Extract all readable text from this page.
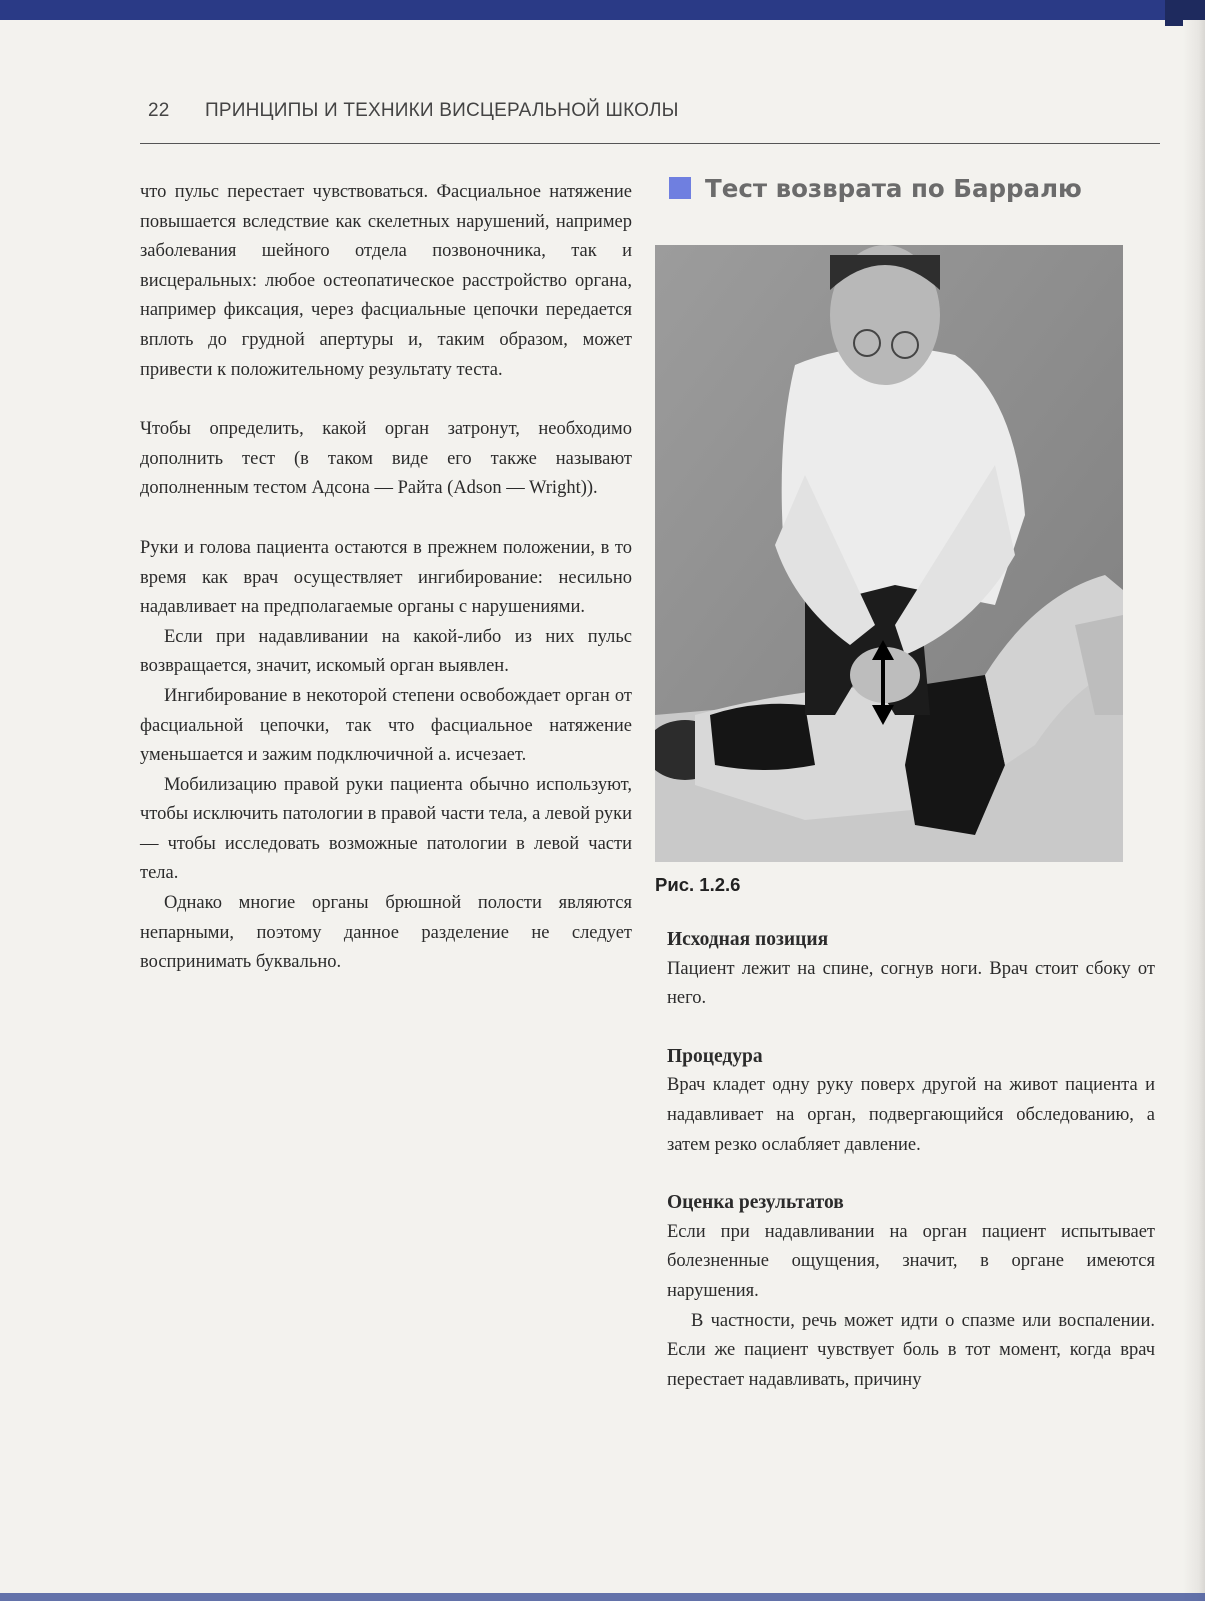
22 ПРИНЦИПЫ И ТЕХНИКИ ВИСЦЕРАЛЬНОЙ ШКОЛЫ

что пульс перестает чувствоваться. Фасциальное натяжение повышается вследствие как скелетных нарушений, например заболевания шейного отдела позвоночника, так и висцеральных: любое остеопатическое расстройство органа, например фиксация, через фасциальные цепочки передается вплоть до грудной апертуры и, таким образом, может привести к положительному результату теста.

Чтобы определить, какой орган затронут, необходимо дополнить тест (в таком виде его также называют дополненным тестом Адсона — Райта (Adson — Wright)).

Руки и голова пациента остаются в прежнем положении, в то время как врач осуществляет ингибирование: несильно надавливает на предполагаемые органы с нарушениями.

Если при надавливании на какой-либо из них пульс возвращается, значит, искомый орган выявлен.

Ингибирование в некоторой степени освобождает орган от фасциальной цепочки, так что фасциальное натяжение уменьшается и зажим подключичной а. исчезает.

Мобилизацию правой руки пациента обычно используют, чтобы исключить патологии в правой части тела, а левой руки — чтобы исследовать возможные патологии в левой части тела.

Однако многие органы брюшной полости являются непарными, поэтому данное разделение не следует воспринимать буквально.

Тест возврата по Барралю
Рис. 1.2.6

Исходная позиция

Пациент лежит на спине, согнув ноги. Врач стоит сбоку от него.

Процедура

Врач кладет одну руку поверх другой на живот пациента и надавливает на орган, подвергающийся обследованию, а затем резко ослабляет давление.

Оценка результатов

Если при надавливании на орган пациент испытывает болезненные ощущения, значит, в органе имеются нарушения.

В частности, речь может идти о спазме или воспалении. Если же пациент чувствует боль в тот момент, когда врач перестает надавливать, причину
